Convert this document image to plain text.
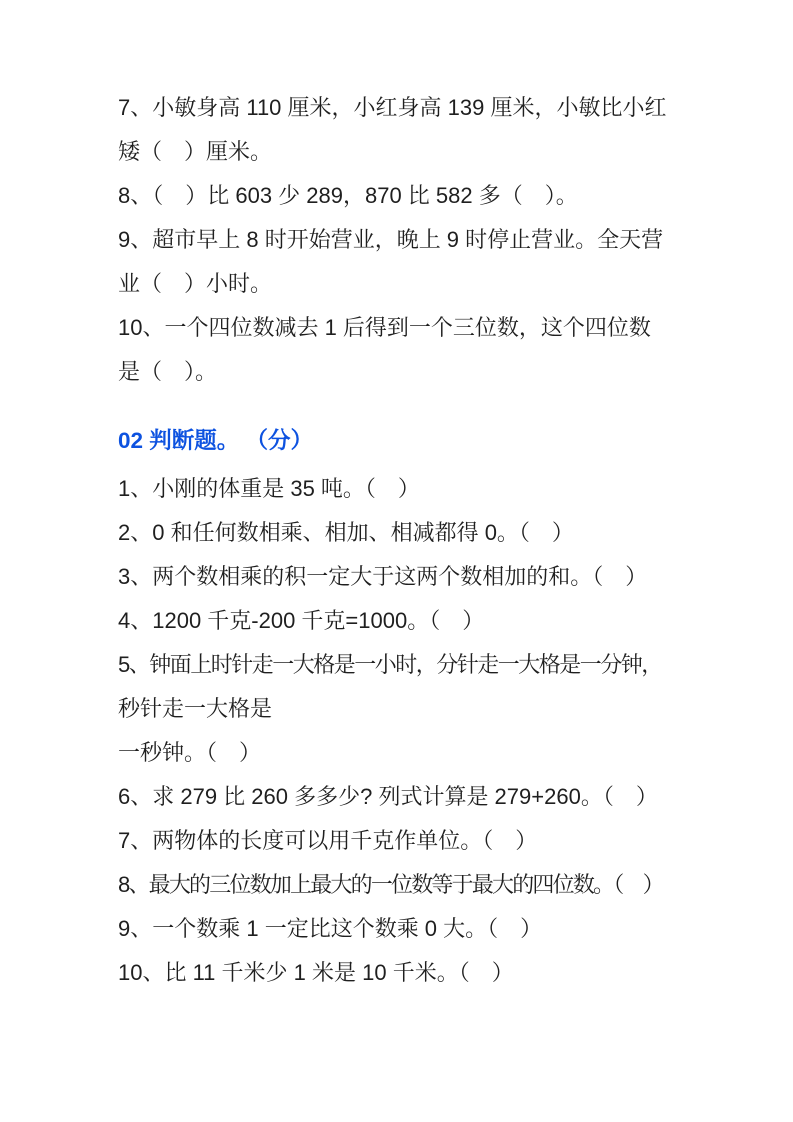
7、小敏身高 110 厘米，小红身高 139 厘米，小敏比小红
矮（　）厘米。
8、（　）比 603 少 289，870 比 582 多（　）。
9、超市早上 8 时开始营业，晚上 9 时停止营业。全天营
业（　）小时。
10、一个四位数减去 1 后得到一个三位数，这个四位数
是（　）。
02 判断题。 （分）
1、小刚的体重是 35 吨。（　）
2、0 和任何数相乘、相加、相减都得 0。（　）
3、两个数相乘的积一定大于这两个数相加的和。（　）
4、1200 千克-200 千克=1000。（　）
5、钟面上时针走一大格是一小时，分针走一大格是一分钟，
秒针走一大格是
一秒钟。（　）
6、求 279 比 260 多多少? 列式计算是 279+260。（　）
7、两物体的长度可以用千克作单位。（　）
8、最大的三位数加上最大的一位数等于最大的四位数。（　）
9、一个数乘 1 一定比这个数乘 0 大。（　）
10、比 11 千米少 1 米是 10 千米。（　）
